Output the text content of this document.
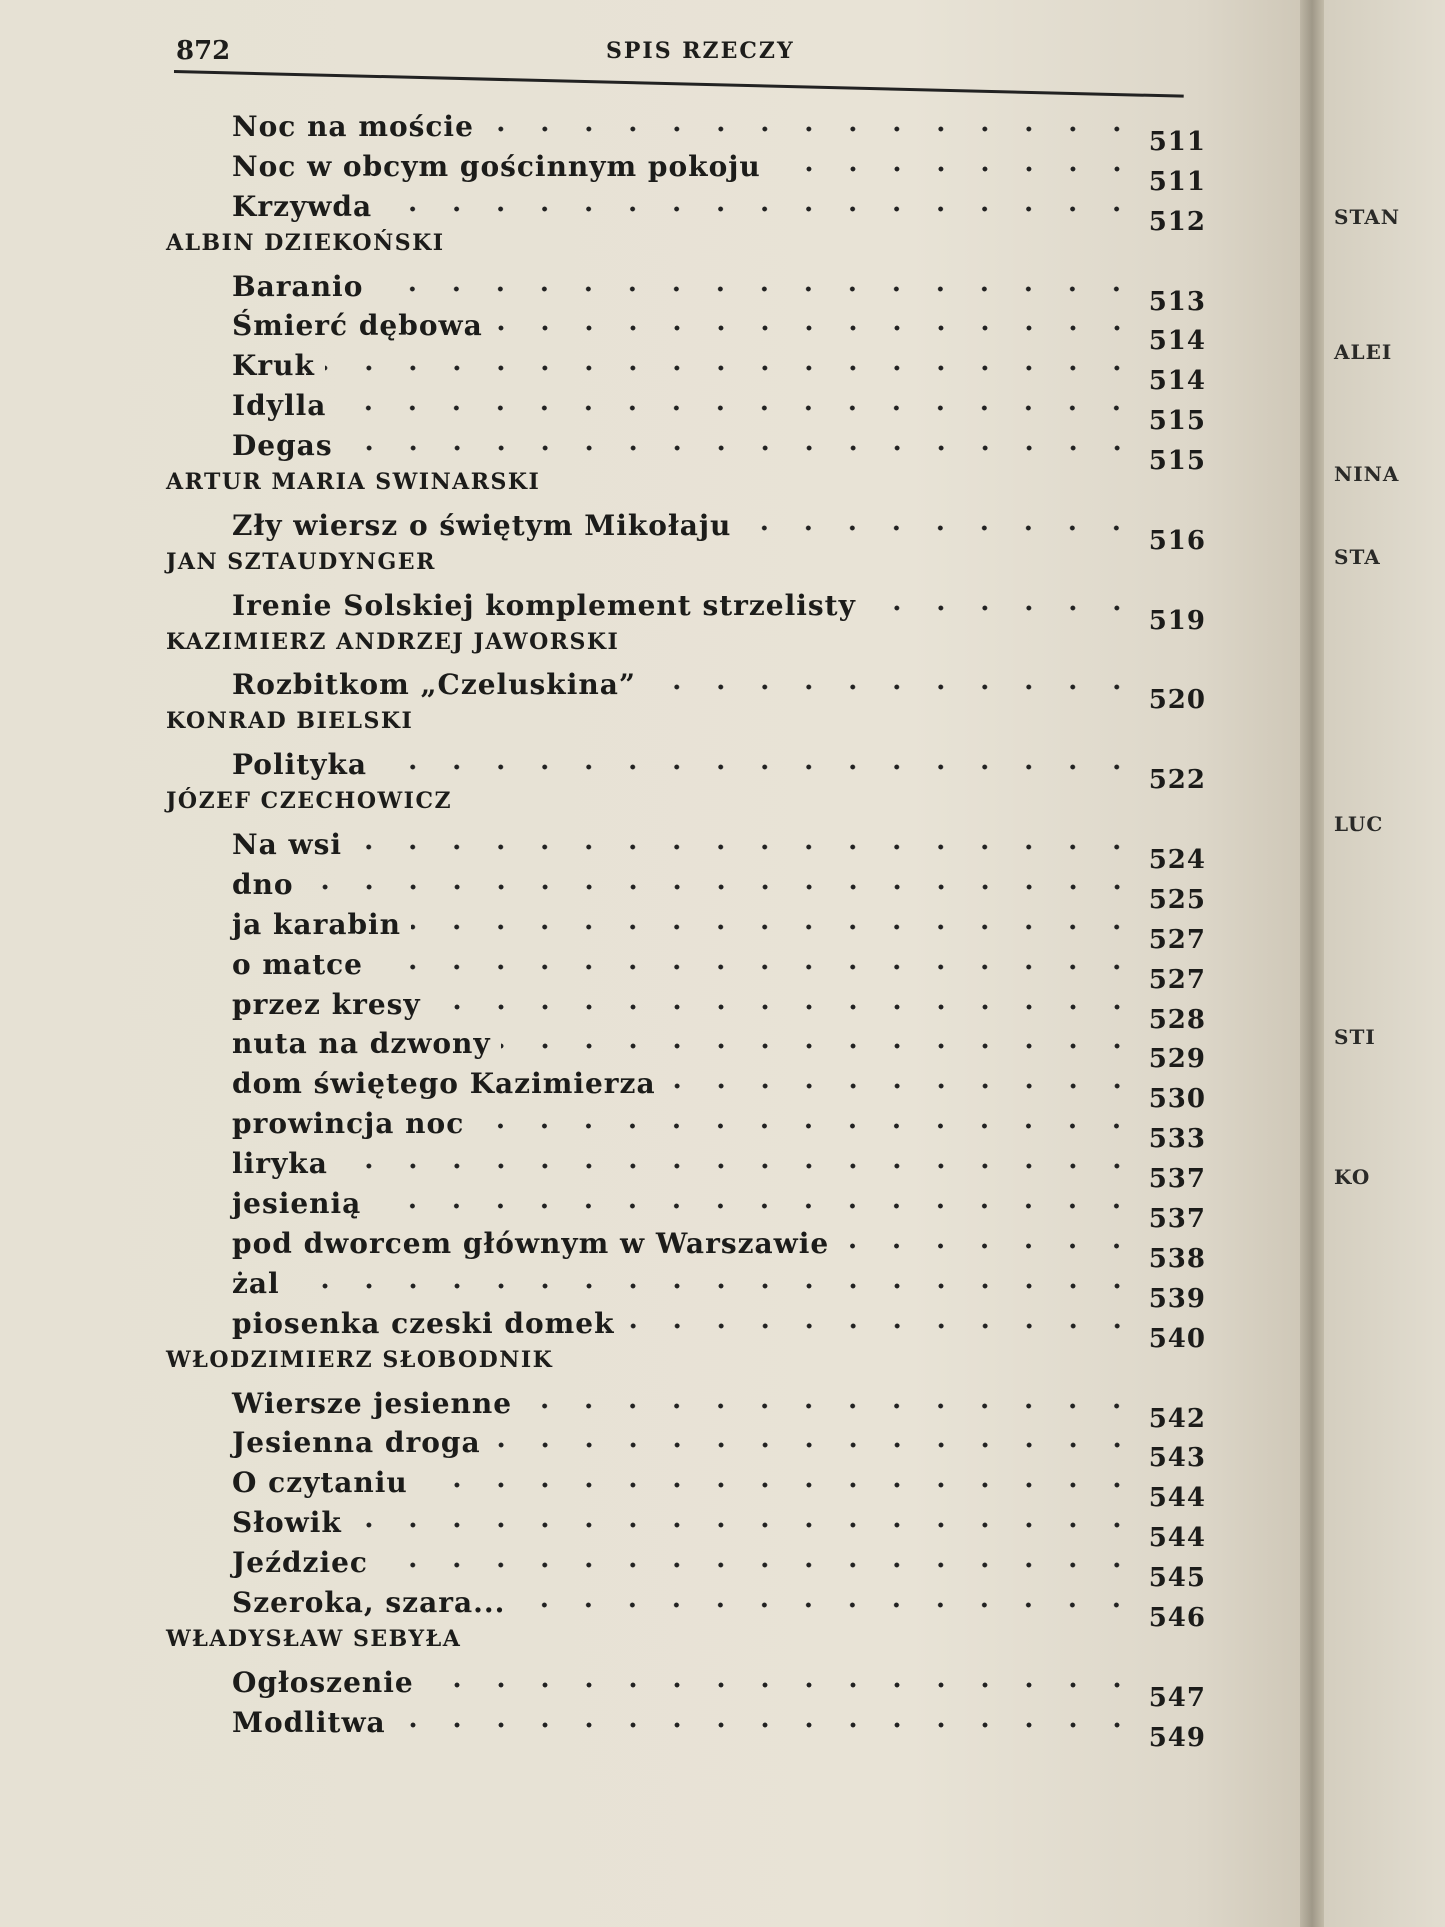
872	SPIS RZECZY
Noc na moście	511
Noc w obcym gościnnym pokoju	511
Krzywda	512
ALBIN DZIEKOŃSKI
Baranio	513
Śmierć dębowa	514
Kruk	514
Idylla	515
Degas	515
ARTUR MARIA SWINARSKI
Zły wiersz o świętym Mikołaju	516
JAN SZTAUDYNGER
Irenie Solskiej komplement strzelisty	519
KAZIMIERZ ANDRZEJ JAWORSKI
Rozbitkom „Czeluskina”	520
KONRAD BIELSKI
Polityka	522
JÓZEF CZECHOWICZ
Na wsi	524
dno	525
ja karabin	527
o matce	527
przez kresy	528
nuta na dzwony	529
dom świętego Kazimierza	530
prowincja noc	533
liryka	537
jesienią	537
pod dworcem głównym w Warszawie	538
żal	539
piosenka czeski domek	540
WŁODZIMIERZ SŁOBODNIK
Wiersze jesienne	542
Jesienna droga	543
O czytaniu	544
Słowik	544
Jeździec	545
Szeroka, szara...	546
WŁADYSŁAW SEBYŁA
Ogłoszenie	547
Modlitwa	549
STAN
ALEI
NINA
STA
LUC
STI
KO
